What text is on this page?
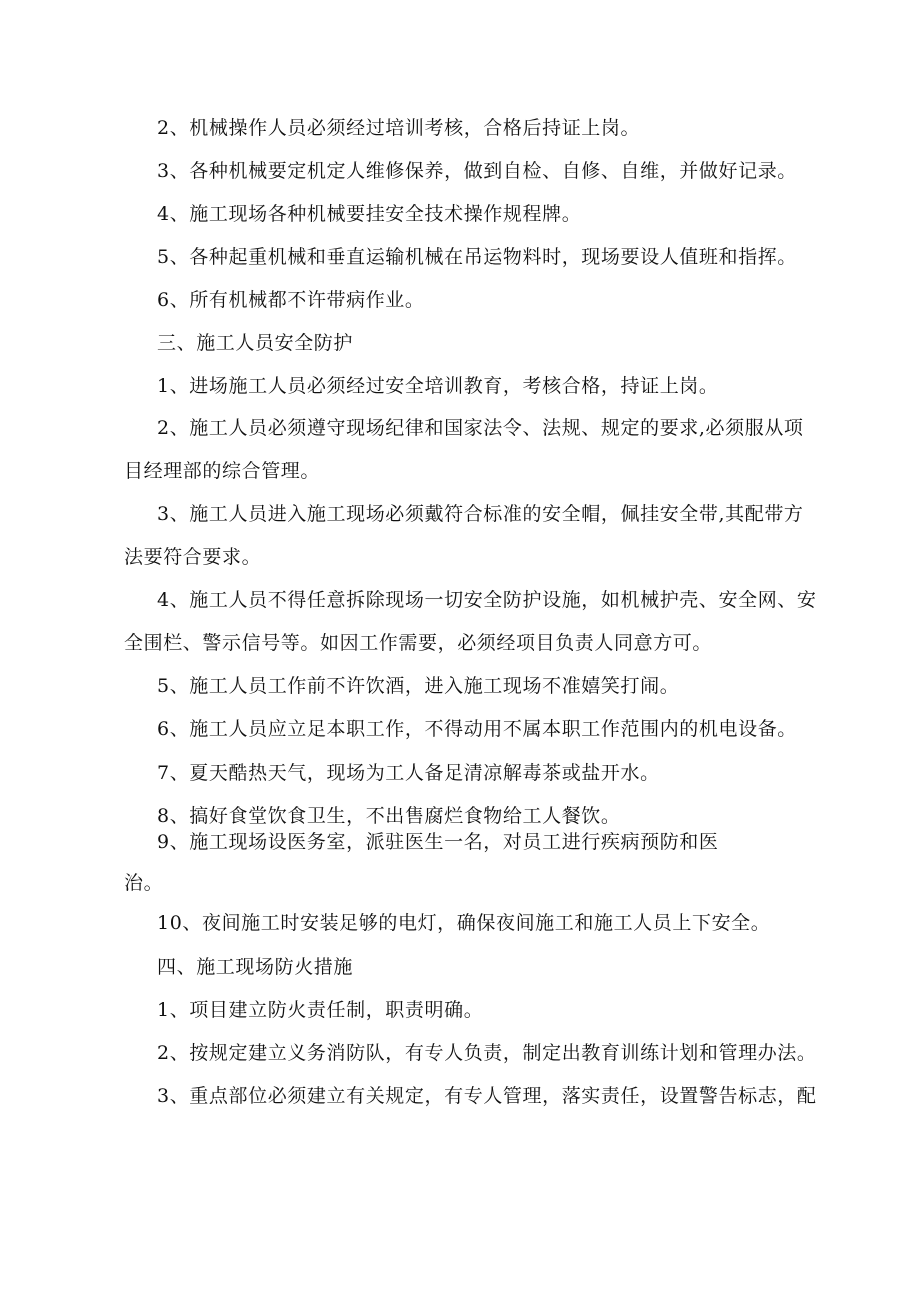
2、机械操作人员必须经过培训考核，合格后持证上岗。

3、各种机械要定机定人维修保养，做到自检、自修、自维，并做好记录。

4、施工现场各种机械要挂安全技术操作规程牌。

5、各种起重机械和垂直运输机械在吊运物料时，现场要设人值班和指挥。

6、所有机械都不许带病作业。

三、施工人员安全防护

1、进场施工人员必须经过安全培训教育，考核合格，持证上岗。

2、施工人员必须遵守现场纪律和国家法令、法规、规定的要求,必须服从项

目经理部的综合管理。

3、施工人员进入施工现场必须戴符合标准的安全帽，佩挂安全带,其配带方

法要符合要求。

4、施工人员不得任意拆除现场一切安全防护设施，如机械护壳、安全网、安

全围栏、警示信号等。如因工作需要，必须经项目负责人同意方可。

5、施工人员工作前不许饮酒，进入施工现场不准嬉笑打闹。

6、施工人员应立足本职工作，不得动用不属本职工作范围内的机电设备。

7、夏天酷热天气，现场为工人备足清凉解毒茶或盐开水。

8、搞好食堂饮食卫生，不出售腐烂食物给工人餐饮。

9、施工现场设医务室，派驻医生一名，对员工进行疾病预防和医

治。

10、夜间施工时安装足够的电灯，确保夜间施工和施工人员上下安全。

四、施工现场防火措施

1、项目建立防火责任制，职责明确。

2、按规定建立义务消防队，有专人负责，制定出教育训练计划和管理办法。

3、重点部位必须建立有关规定，有专人管理，落实责任，设置警告标志，配
